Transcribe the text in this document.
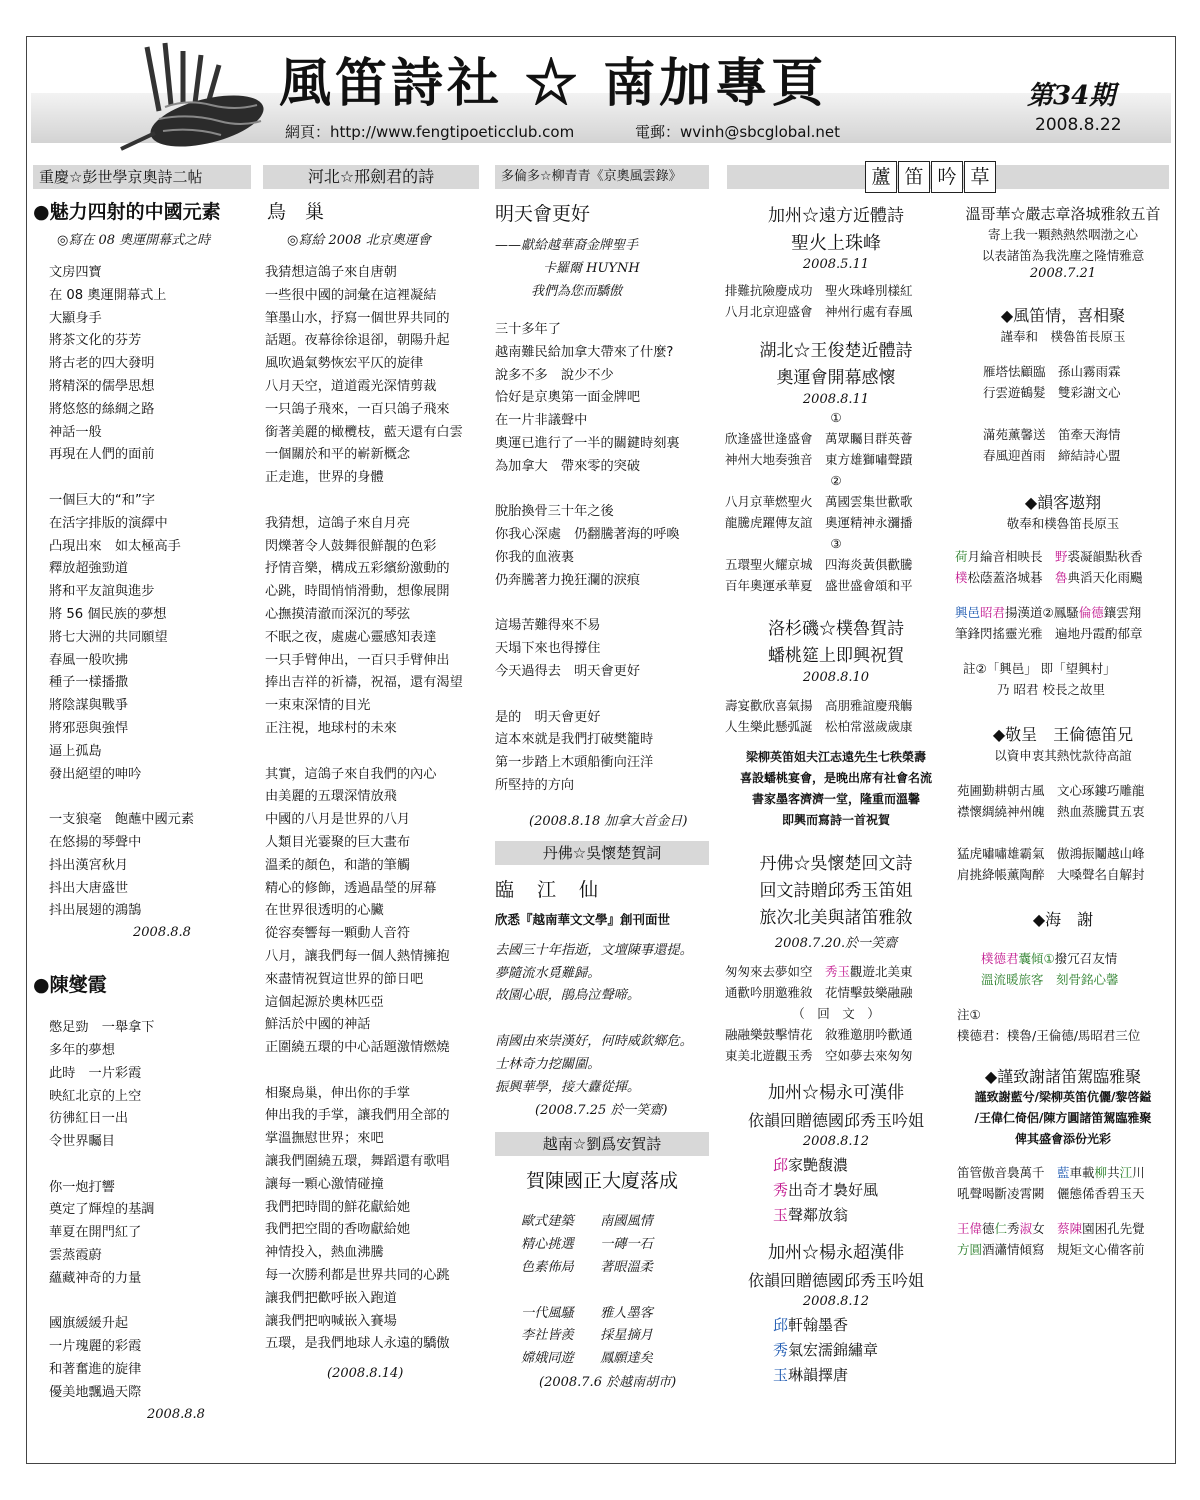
風笛詩社 ☆ 南加專頁
網頁：http://www.fengtipoeticclub.com	電郵：wvinh@sbcglobal.net
第34期
2008.8.22
重慶☆彭世學京奧詩二帖
●魅力四射的中國元素
◎寫在 08 奧運開幕式之時
文房四寶
在 08 奧運開幕式上
大顯身手
將茶文化的芬芳
將古老的四大發明
將精深的儒學思想
將悠悠的絲綢之路
神話一般
再現在人們的面前

一個巨大的“和”字
在活字排版的演繹中
凸現出來　如太極高手
釋放超強勁道
將和平友誼與進步
將 56 個民族的夢想
將七大洲的共同願望
春風一般吹拂
種子一樣播撒
將陰謀與戰爭
將邪惡與強悍
逼上孤島
發出絕望的呻吟

一支狼毫　飽蘸中國元素
在悠揚的琴聲中
抖出漢宮秋月
抖出大唐盛世
抖出展翅的鴻鵠
2008.8.8
●陳燮霞
憋足勁　一舉拿下
多年的夢想
此時　一片彩霞
映紅北京的上空
彷彿紅日一出
令世界矚目

你一炮打響
奠定了輝煌的基調
華夏在開門紅了
雲蒸霞蔚
蘊藏神奇的力量

國旗緩緩升起
一片瑰麗的彩霞
和著奮進的旋律
優美地飄過天際
2008.8.8
河北☆邢劍君的詩
鳥　巢
◎寫給 2008 北京奧運會
我猜想這鴿子來自唐朝
一些很中國的詞彙在這裡凝結
筆墨山水，抒寫一個世界共同的
話題。夜幕徐徐退卻，朝陽升起
風吹過氣勢恢宏平仄的旋律
八月天空，道道霞光深情剪裁
一只鴿子飛來，一百只鴿子飛來
銜著美麗的橄欖枝，藍天還有白雲
一個關於和平的嶄新概念
正走進，世界的身體

我猜想，這鴿子來自月亮
閃爍著令人鼓舞很鮮靚的色彩
抒情音樂，構成五彩繽紛激動的
心跳，時間悄悄滑動，想像展開
心撫摸清澈而深沉的琴弦
不眠之夜，處處心靈感知表達
一只手臂伸出，一百只手臂伸出
捧出吉祥的祈禱，祝福，還有渴望
一束束深情的目光
正注視，地球村的未來

其實，這鴿子來自我們的內心
由美麗的五環深情放飛
中國的八月是世界的八月
人類目光霎聚的巨大畫布
溫柔的顏色，和諧的筆觸
精心的修飾，透過晶瑩的屏幕
在世界很透明的心臟
從容奏響每一顆動人音符
八月，讓我們每一個人熱情擁抱
來盡情祝賀這世界的節日吧
這個起源於奧林匹亞
鮮活於中國的神話
正圍繞五環的中心話題激情燃燒

相聚鳥巢，伸出你的手掌
伸出我的手掌，讓我們用全部的
掌溫撫慰世界；來吧
讓我們圍繞五環，舞蹈還有歌唱
讓每一顆心激情碰撞
我們把時間的鮮花獻給她
我們把空間的香吻獻給她
神情投入，熱血沸騰
每一次勝利都是世界共同的心跳
讓我們把歡呼嵌入跑道
讓我們把吶喊嵌入賽場
五環，是我們地球人永遠的驕傲
(2008.8.14)
多倫多☆柳青青《京奧風雲錄》
明天會更好
——獻給越華裔金牌聖手
卡羅爾 HUYNH
我們為您而驕傲
三十多年了
越南難民給加拿大帶來了什麼?
說多不多　說少不少
恰好是京奧第一面金牌吧
在一片非議聲中
奧運已進行了一半的關鍵時刻裏
為加拿大　帶來零的突破

脫胎換骨三十年之後
你我心深處　仍翻騰著海的呼喚
你我的血液裏
仍奔騰著力挽狂瀾的淚痕

這場苦難得來不易
天塌下來也得撐住
今天過得去　明天會更好

是的　明天會更好
這本來就是我們打破樊籠時
第一步踏上木頭船衝向汪洋
所堅持的方向
(2008.8.18 加拿大首金日)
丹佛☆吳懷楚賀詞
臨　江　仙
欣悉『越南華文文學』創刊面世
去國三十年指逝，文壇陳事還提。
夢隨流水覓難歸。
故園心眼，鵑鳥泣聲啼。

南國由來崇漢好，何時威欽鄉危。
士林奇力挖關圍。
振興華學，接大纛從揮。
(2008.7.25 於一笑齋)
越南☆劉爲安賀詩
賀陳國正大廈落成
歐式建築　　南國風情
精心挑選　　一磚一石
色素佈局　　著眼溫柔

一代風騷　　雅人墨客
李社皆羨　　採星摘月
嫦娥同遊　　鳳願達矣
(2008.7.6 於越南胡市)
蘆 笛 吟 草
加州☆遠方近體詩
聖火上珠峰
2008.5.11
排難抗險慶成功　聖火珠峰別樣紅
八月北京迎盛會　神州行處有春風
湖北☆王俊楚近體詩
奧運會開幕感懷
2008.8.11
①
欣逢盛世逢盛會　萬眾矚目群英薈
神州大地奏強音　東方雄獅嘯聲蹟
②
八月京華燃聖火　萬國雲集世歡歌
龍騰虎躍傳友誼　奧運精神永瀰播
③
五環聖火耀京城　四海炎黃俱歡騰
百年奧運承華夏　盛世盛會頌和平
洛杉磯☆樸魯賀詩
蟠桃筵上即興祝賀
2008.8.10
壽宴歡欣喜氣揚　高朋雅誼慶飛觴
人生樂此懸弧誕　松柏常滋歲歲康
梁柳英笛姐夫江志遠先生七秩榮壽
喜設蟠桃宴會，是晚出席有社會名流
書家墨客濟濟一堂，隆重而溫馨
即興而寫詩一首祝賀
丹佛☆吳懷楚回文詩
回文詩贈邱秀玉笛姐
旅次北美與諸笛雅敘
2008.7.20.於一笑齋
匆匆來去夢如空　秀玉觀遊北美東
通歡吟朋邀雅敘　花情擊鼓樂融融
（　回　文　）
融融樂鼓擊情花　敘雅邀朋吟歡通
東美北遊觀玉秀　空如夢去來匆匆
加州☆楊永可漢俳
依韻回贈德國邱秀玉吟姐
2008.8.12
邱家艷馥濃
秀出奇才裊好風
玉聲鄰放翁
加州☆楊永超漢俳
依韻回贈德國邱秀玉吟姐
2008.8.12
邱軒翰墨香
秀氣宏濡錦繡章
玉琳韻擇唐
溫哥華☆嚴志章洛城雅敘五首
寄上我一顆熱熱然咽渤之心
以表諸笛為我洗塵之隆情雅意
2008.7.21
◆風笛情，喜相聚
謹奉和　樸魯笛長原玉
雁塔怯顧臨　孫山霧雨霖
行雲遊鶴髮　雙彩謝文心

滿苑薰馨送　笛牽天海情
春風迎酋雨　締結詩心盟
◆韻客遨翔
敬奉和樸魯笛長原玉
荷月綸音相映長　野裘凝韻點秋香
樸松蔭蓋洛城碁　魯典滔天化雨颺
興邑昭君揚漢道②鳳騷倫德鑲雲翔
筆鋒閃搖靈光雅　遍地丹霞酌郁章
註②「興邑」 即「望興村」
乃 昭君 校長之故里
◆敬呈　王倫德笛兄
以資申衷其熱忱款待高誼
苑圃勤耕朝古風　文心琢鏤巧雕龍
襟懷綢繞神州魄　熱血蒸騰貫五衷

猛虎嘯嘯雄霸氣　傲鴻振鬮越山峰
肩挑絳帳薰陶醉　大嗓聲名自解封
◆海　謝
樸德君囊傾①撥冗召友情
溫流暖旅客　刻骨銘心馨
注①
樸德君：樸魯/王倫德/馬昭君三位
◆謹致謝諸笛駕臨雅聚
謹致謝藍兮/梁柳英笛伉儷/黎啓鎰
/王偉仁倚侶/陳方圓諸笛駕臨雅聚
俾其盛會添份光彩
笛管傲音裊萬千　藍車載柳共江川
吼聲喝斷凌霄闕　儷態俙香碧玉天
王偉德仁秀淑女　蔡陳園困孔先覺
方圓酒瀟情傾寫　規矩文心備客前
